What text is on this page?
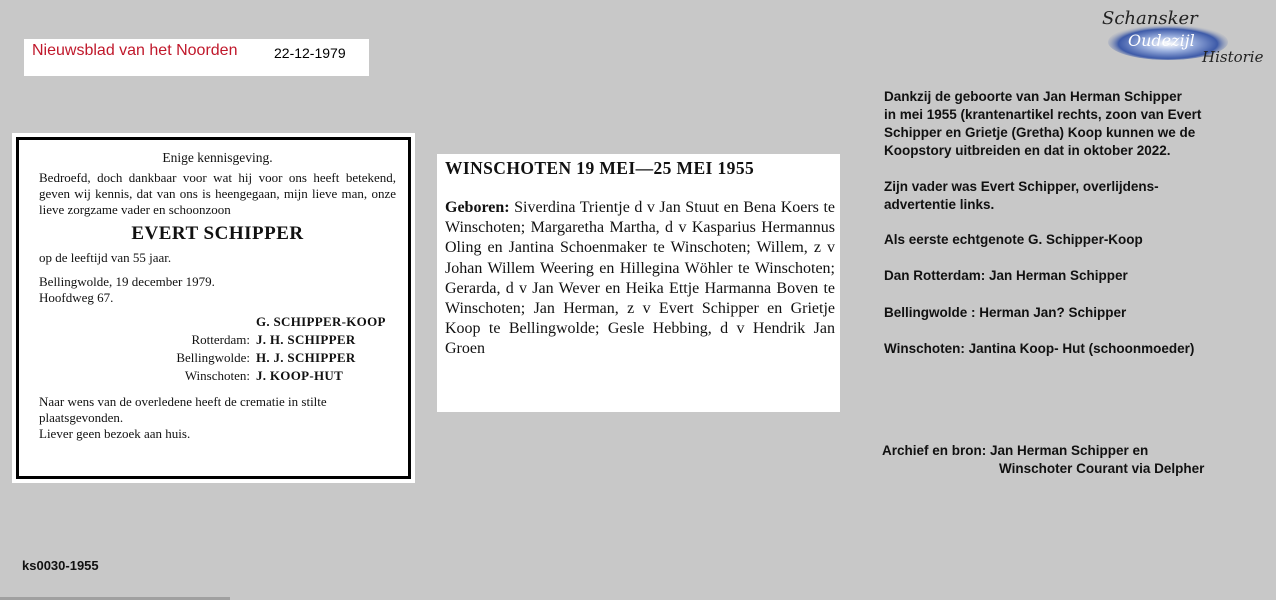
Nieuwsblad van het Noorden	22-12-1979
Schansker
Oudezijl
Historie
Enige kennisgeving.
Bedroefd, doch dankbaar voor wat hij voor ons heeft betekend, geven wij kennis, dat van ons is heengegaan, mijn lieve man, onze lieve zorgzame vader en schoonzoon
EVERT SCHIPPER
op de leeftijd van 55 jaar.
Bellingwolde, 19 december 1979.
Hoofdweg 67.
G. SCHIPPER-KOOP
Rotterdam: J. H. SCHIPPER
Bellingwolde: H. J. SCHIPPER
Winschoten: J. KOOP-HUT
Naar wens van de overledene heeft de crematie in stilte plaatsgevonden.
Liever geen bezoek aan huis.
WINSCHOTEN 19 MEI—25 MEI 1955
Geboren: Siverdina Trientje d v Jan Stuut en Bena Koers te Winschoten; Margaretha Martha, d v Kasparius Hermannus Oling en Jantina Schoenmaker te Winschoten; Willem, z v Johan Willem Weering en Hillegina Wöhler te Winschoten; Gerarda, d v Jan Wever en Heika Ettje Harmanna Boven te Winschoten; Jan Herman, z v Evert Schipper en Grietje Koop te Bellingwolde; Gesle Hebbing, d v Hendrik Jan Groen
Dankzij de geboorte van Jan Herman Schipper
in mei 1955 (krantenartikel rechts, zoon van Evert
Schipper en Grietje (Gretha) Koop kunnen we de
Koopstory uitbreiden en dat in oktober 2022.
Zijn vader was Evert Schipper, overlijdens-
advertentie links.
Als eerste echtgenote G. Schipper-Koop
Dan Rotterdam: Jan Herman Schipper
Bellingwolde : Herman Jan? Schipper
Winschoten: Jantina Koop- Hut (schoonmoeder)
Archief en bron: Jan Herman Schipper en
Winschoter Courant via Delpher
ks0030-1955
